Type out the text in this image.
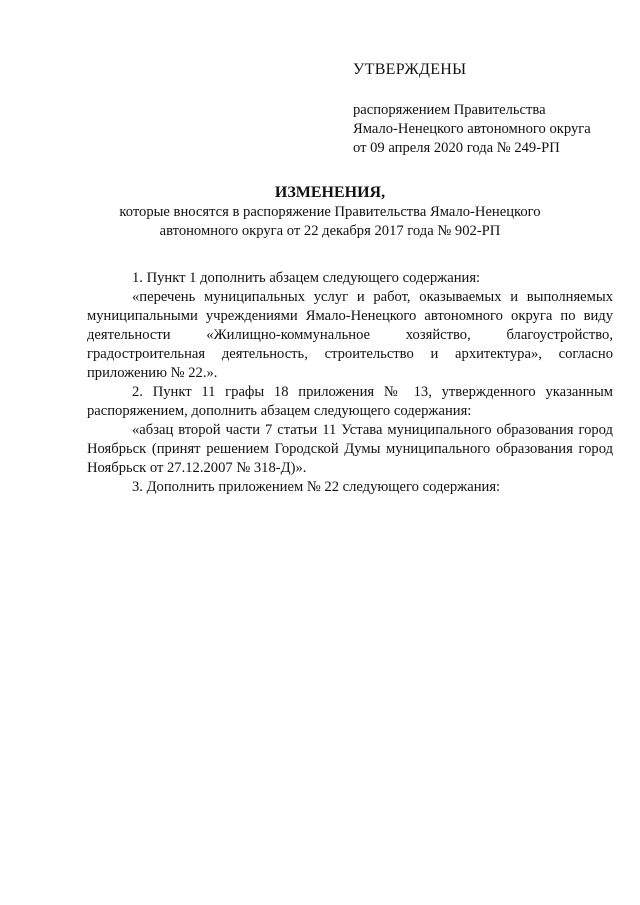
УТВЕРЖДЕНЫ
распоряжением Правительства
Ямало-Ненецкого автономного округа
от 09 апреля 2020 года № 249-РП
ИЗМЕНЕНИЯ,
которые вносятся в распоряжение Правительства Ямало-Ненецкого
автономного округа от 22 декабря 2017 года № 902-РП

1. Пункт 1 дополнить абзацем следующего содержания:

«перечень муниципальных услуг и работ, оказываемых и выполняемых муниципальными учреждениями Ямало-Ненецкого автономного округа по виду деятельности «Жилищно-коммунальное хозяйство, благоустройство, градостроительная деятельность, строительство и архитектура», согласно приложению № 22.».

2. Пункт 11 графы 18 приложения № 13, утвержденного указанным распоряжением, дополнить абзацем следующего содержания:

«абзац второй части 7 статьи 11 Устава муниципального образования город Ноябрьск (принят решением Городской Думы муниципального образования город Ноябрьск от 27.12.2007 № 318-Д)».

3. Дополнить приложением № 22 следующего содержания:
